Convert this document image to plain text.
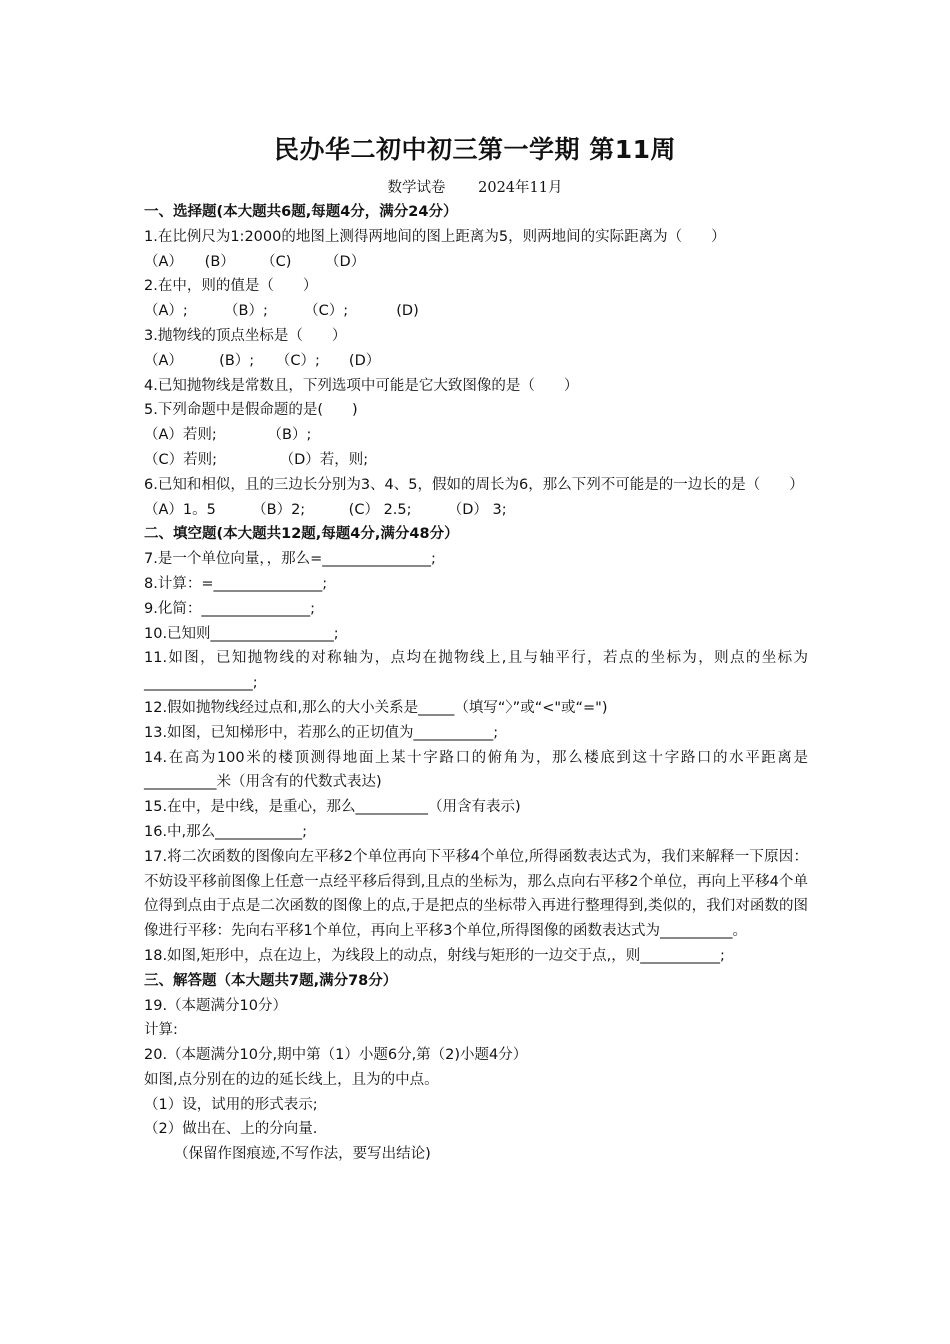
民办华二初中初三第一学期 第11周
数学试卷 2024年11月
一、选择题(本大题共6题,每题4分，满分24分）
1.在比例尺为1:2000的地图上测得两地间的图上距离为5，则两地间的实际距离为（　　）
（A）　　(B）　　 （C)　　 （D）
2.在中，则的值是（　　）
（A）;　　　（B）;　　　（C）;　　　 (D)
3.抛物线的顶点坐标是（　　）
（A）　　　(B）;　　（C）;　　(D）
4.已知抛物线是常数且，下列选项中可能是它大致图像的是（　　）
5.下列命题中是假命题的是(　　)
（A）若则;　　　　（B）;
（C）若则;　　　　 （D）若，则;
6.已知和相似，且的三边长分别为3、4、5，假如的周长为6，那么下列不可能是的一边长的是（　　）
（A）1。5　　　（B）2;　　　(C） 2.5;　　　（D） 3;
二、填空题(本大题共12题,每题4分,满分48分）
7.是一个单位向量，，那么=_______________;
8.计算：=_______________;
9.化简：_______________;
10.已知则_________________;
11.如图，已知抛物线的对称轴为，点均在抛物线上,且与轴平行，若点的坐标为，则点的坐标为_______________;
12.假如抛物线经过点和,那么的大小关系是_____（填写“〉”或“<"或“=")
13.如图，已知梯形中，若那么的正切值为___________;
14.在高为100米的楼顶测得地面上某十字路口的俯角为，那么楼底到这十字路口的水平距离是__________米（用含有的代数式表达)
15.在中，是中线，是重心，那么__________（用含有表示)
16.中,那么____________;
17.将二次函数的图像向左平移2个单位再向下平移4个单位,所得函数表达式为，我们来解释一下原因：不妨设平移前图像上任意一点经平移后得到,且点的坐标为，那么点向右平移2个单位，再向上平移4个单位得到点由于点是二次函数的图像上的点,于是把点的坐标带入再进行整理得到,类似的，我们对函数的图像进行平移：先向右平移1个单位，再向上平移3个单位,所得图像的函数表达式为__________。
18.如图,矩形中，点在边上，为线段上的动点，射线与矩形的一边交于点,，则___________;
三、解答题（本大题共7题,满分78分）
19.（本题满分10分）
计算:
20.（本题满分10分,期中第（1）小题6分,第（2)小题4分）
如图,点分别在的边的延长线上，且为的中点。
（1）设，试用的形式表示;
（2）做出在、上的分向量.
（保留作图痕迹,不写作法，要写出结论)
